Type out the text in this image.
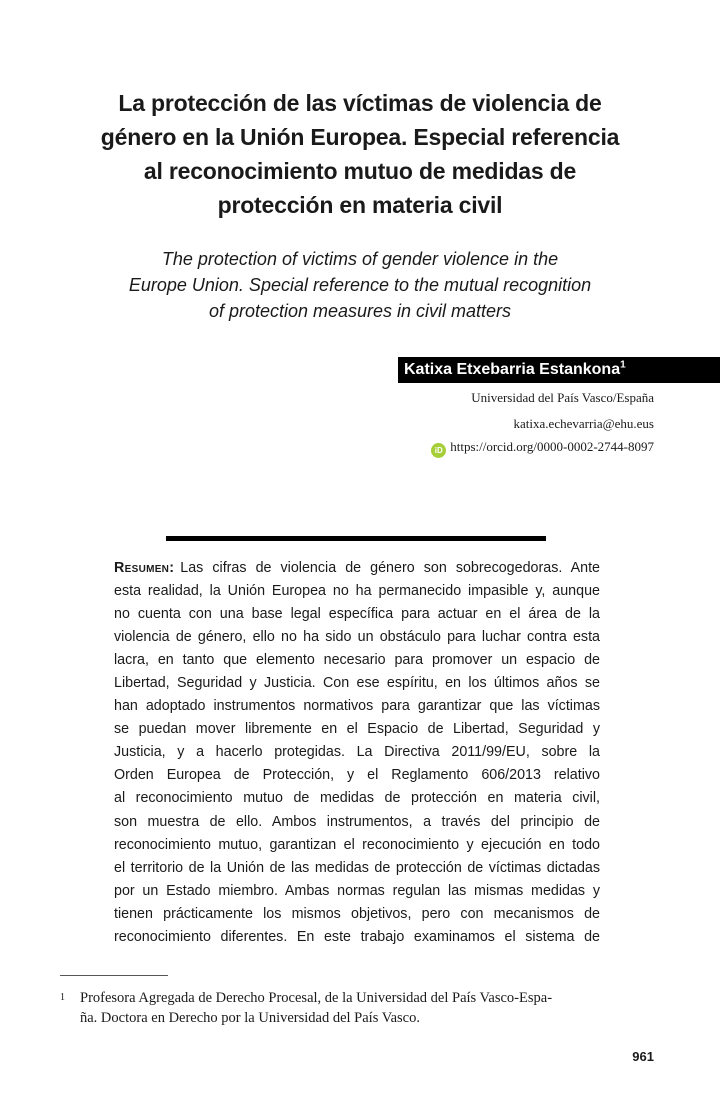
La protección de las víctimas de violencia de
género en la Unión Europea. Especial referencia
al reconocimiento mutuo de medidas de
protección en materia civil

The protection of victims of gender violence in the
Europe Union. Special reference to the mutual recognition
of protection measures in civil matters

Katixa Etxebarria Estankona$^1$
Universidad del País Vasco/España
katixa.echevarria@ehu.eus
iD https://orcid.org/0000-0002-2744-8097
Resumen: Las cifras de violencia de género son sobrecogedoras. Ante
esta realidad, la Unión Europea no ha permanecido impasible y, aunque
no cuenta con una base legal específica para actuar en el área de la
violencia de género, ello no ha sido un obstáculo para luchar contra esta
lacra, en tanto que elemento necesario para promover un espacio de
Libertad, Seguridad y Justicia. Con ese espíritu, en los últimos años se
han adoptado instrumentos normativos para garantizar que las víctimas
se puedan mover libremente en el Espacio de Libertad, Seguridad y
Justicia, y a hacerlo protegidas. La Directiva 2011/99/EU, sobre la
Orden Europea de Protección, y el Reglamento 606/2013 relativo
al reconocimiento mutuo de medidas de protección en materia civil,
son muestra de ello. Ambos instrumentos, a través del principio de
reconocimiento mutuo, garantizan el reconocimiento y ejecución en todo
el territorio de la Unión de las medidas de protección de víctimas dictadas
por un Estado miembro. Ambas normas regulan las mismas medidas y
tienen prácticamente los mismos objetivos, pero con mecanismos de
reconocimiento diferentes. En este trabajo examinamos el sistema de
1 Profesora Agregada de Derecho Procesal, de la Universidad del País Vasco-Espa-
ña. Doctora en Derecho por la Universidad del País Vasco.
961
